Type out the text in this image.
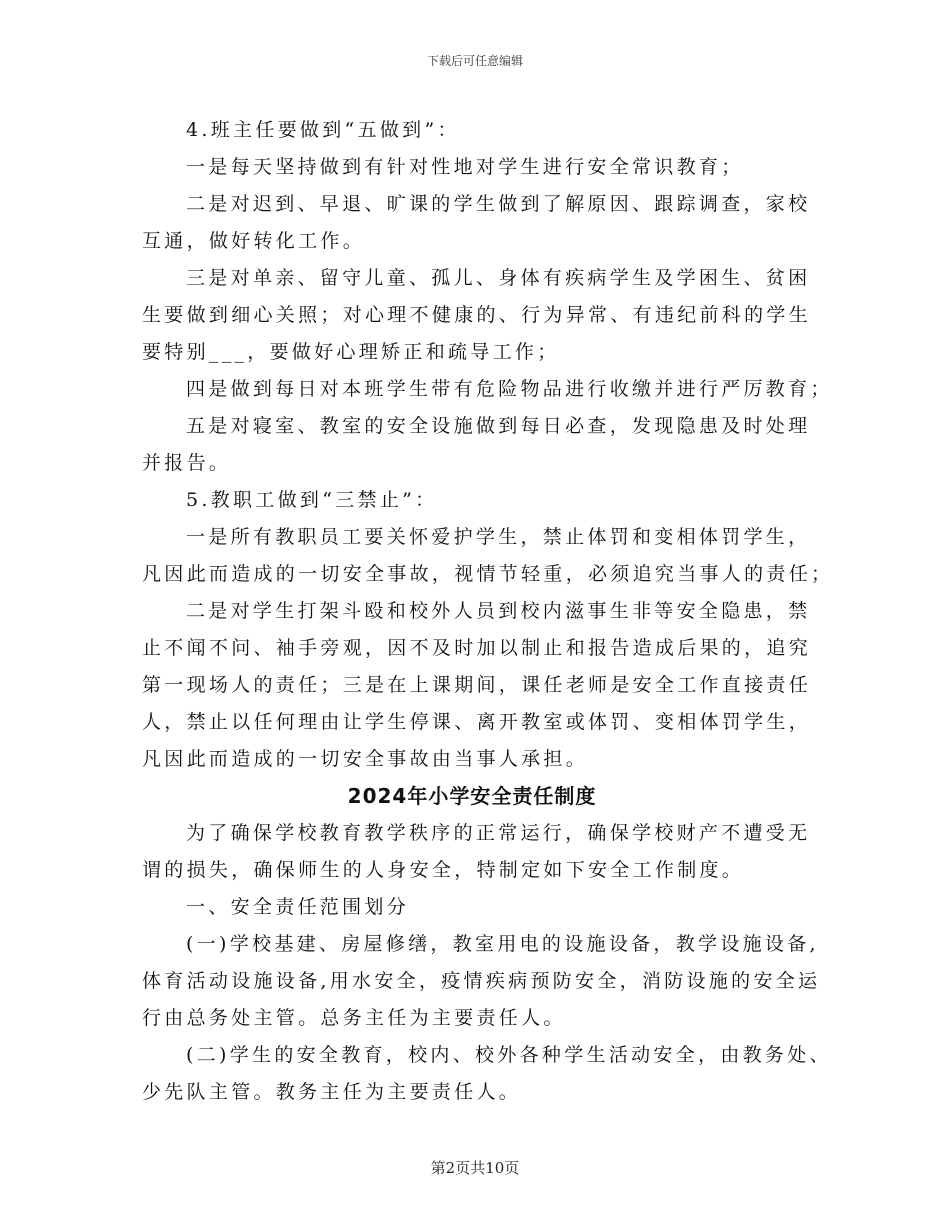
下载后可任意编辑
4.班主任要做到“五做到”：
一是每天坚持做到有针对性地对学生进行安全常识教育；
二是对迟到、早退、旷课的学生做到了解原因、跟踪调查，家校
互通，做好转化工作。
三是对单亲、留守儿童、孤儿、身体有疾病学生及学困生、贫困
生要做到细心关照；对心理不健康的、行为异常、有违纪前科的学生
要特别___，要做好心理矫正和疏导工作；
四是做到每日对本班学生带有危险物品进行收缴并进行严厉教育；
五是对寝室、教室的安全设施做到每日必查，发现隐患及时处理
并报告。
5.教职工做到“三禁止”：
一是所有教职员工要关怀爱护学生，禁止体罚和变相体罚学生，
凡因此而造成的一切安全事故，视情节轻重，必须追究当事人的责任；
二是对学生打架斗殴和校外人员到校内滋事生非等安全隐患，禁
止不闻不问、袖手旁观，因不及时加以制止和报告造成后果的，追究
第一现场人的责任；三是在上课期间，课任老师是安全工作直接责任
人，禁止以任何理由让学生停课、离开教室或体罚、变相体罚学生，
凡因此而造成的一切安全事故由当事人承担。
2024年小学安全责任制度
为了确保学校教育教学秩序的正常运行，确保学校财产不遭受无
谓的损失，确保师生的人身安全，特制定如下安全工作制度。
一、安全责任范围划分
(一)学校基建、房屋修缮，教室用电的设施设备，教学设施设备,
体育活动设施设备,用水安全，疫情疾病预防安全，消防设施的安全运
行由总务处主管。总务主任为主要责任人。
(二)学生的安全教育，校内、校外各种学生活动安全，由教务处、
少先队主管。教务主任为主要责任人。
第2页共10页
